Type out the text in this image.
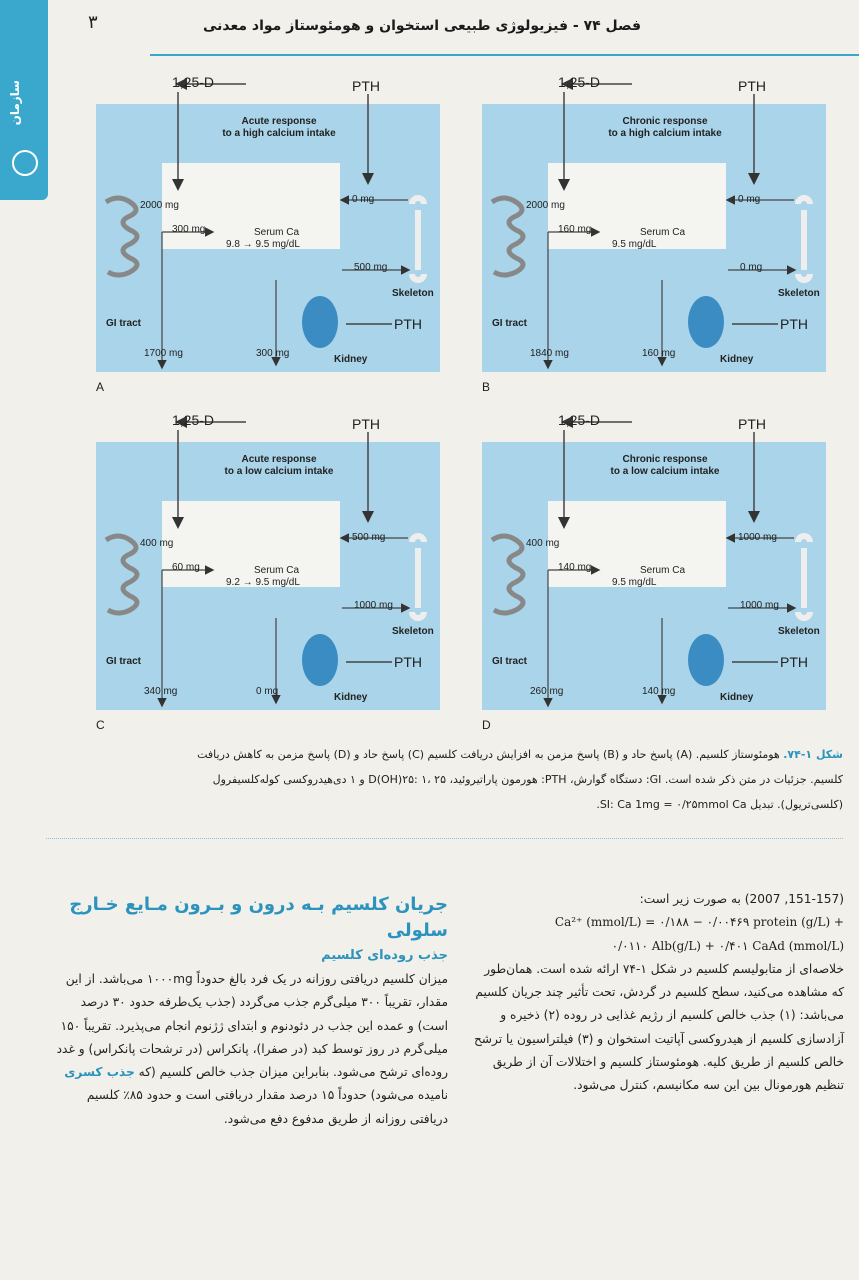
سازمان
۳	فصل ۷۴ - فیزیولوژی طبیعی استخوان و هومئوستاز مواد معدنی
1,25-D	PTH
2000 mg
300 mg	Serum Ca
9.8 → 9.5 mg/dL
0 mg
500 mg
Skeleton
PTH
GI tract
1700 mg	300 mg
Kidney
Acute response
to a high calcium intake
A
1,25-D	PTH
2000 mg
160 mg	Serum Ca
9.5 mg/dL
0 mg
0 mg
Skeleton
PTH
GI tract
1840 mg	160 mg
Kidney
Chronic response
to a high calcium intake
B
1,25-D	PTH
400 mg
60 mg	Serum Ca
9.2 → 9.5 mg/dL
500 mg
1000 mg
Skeleton
PTH
GI tract
340 mg	0 mg
Kidney
Acute response
to a low calcium intake
C
1,25-D	PTH
400 mg
140 mg	Serum Ca
9.5 mg/dL
1000 mg
1000 mg
Skeleton
PTH
GI tract
260 mg	140 mg
Kidney
Chronic response
to a low calcium intake
D
شکل ۱-۷۴. هومئوستاز کلسیم. (A) پاسخ حاد و (B) پاسخ مزمن به افزایش دریافت کلسیم (C) پاسخ حاد و (D) پاسخ مزمن به کاهش دریافت
کلسیم. جزئیات در متن ذکر شده است. GI: دستگاه گوارش، PTH: هورمون پاراتیروئید، D(OH)۲۵: ۱، ۲۵ و ۱ دی‌هیدروکسی کوله‌کلسیفرول
(کلسی‌تریول). تبدیل SI: Ca 1mg = ۰/۲۵mmol Ca.
(151-157, 2007) به صورت زیر است:
Ca²⁺ (mmol/L) = ۰/۱۸۸ − ۰/۰۰۴۶۹ protein (g/L) +
۰/۰۱۱۰ Alb(g/L) + ۰/۴۰۱ CaAd (mmol/L)
خلاصه‌ای از متابولیسم کلسیم در شکل ۱-۷۴ ارائه شده است. همان‌طور که مشاهده می‌کنید، سطح کلسیم در گردش، تحت تأثیر چند جریان کلسیم می‌باشد: (۱) جذب خالص کلسیم از رژیم غذایی در روده (۲) ذخیره و آزادسازی کلسیم از هیدروکسی آپاتیت استخوان و (۳) فیلتراسیون یا ترشح خالص کلسیم از طریق کلیه. هومئوستاز کلسیم و اختلالات آن از طریق تنظیم هورمونال بین این سه مکانیسم، کنترل می‌شود.
جریان کلسیم بـه درون و بـرون مـایع خـارج سلولی
جذب روده‌ای کلسیم
میزان کلسیم دریافتی روزانه در یک فرد بالغ حدوداً ۱۰۰۰mg می‌باشد. از این مقدار، تقریباً ۳۰۰ میلی‌گرم جذب می‌گردد (جذب یک‌طرفه حدود ۳۰ درصد است) و عمده این جذب در دئودنوم و ابتدای ژژنوم انجام می‌پذیرد. تقریباً ۱۵۰ میلی‌گرم در روز توسط کبد (در صفرا)، پانکراس (در ترشحات پانکراس) و غدد روده‌ای ترشح می‌شود. بنابراین میزان جذب خالص کلسیم (که جذب کسری نامیده می‌شود) حدوداً ۱۵ درصد مقدار دریافتی است و حدود ۸۵٪ کلسیم دریافتی روزانه از طریق مدفوع دفع می‌شود.
